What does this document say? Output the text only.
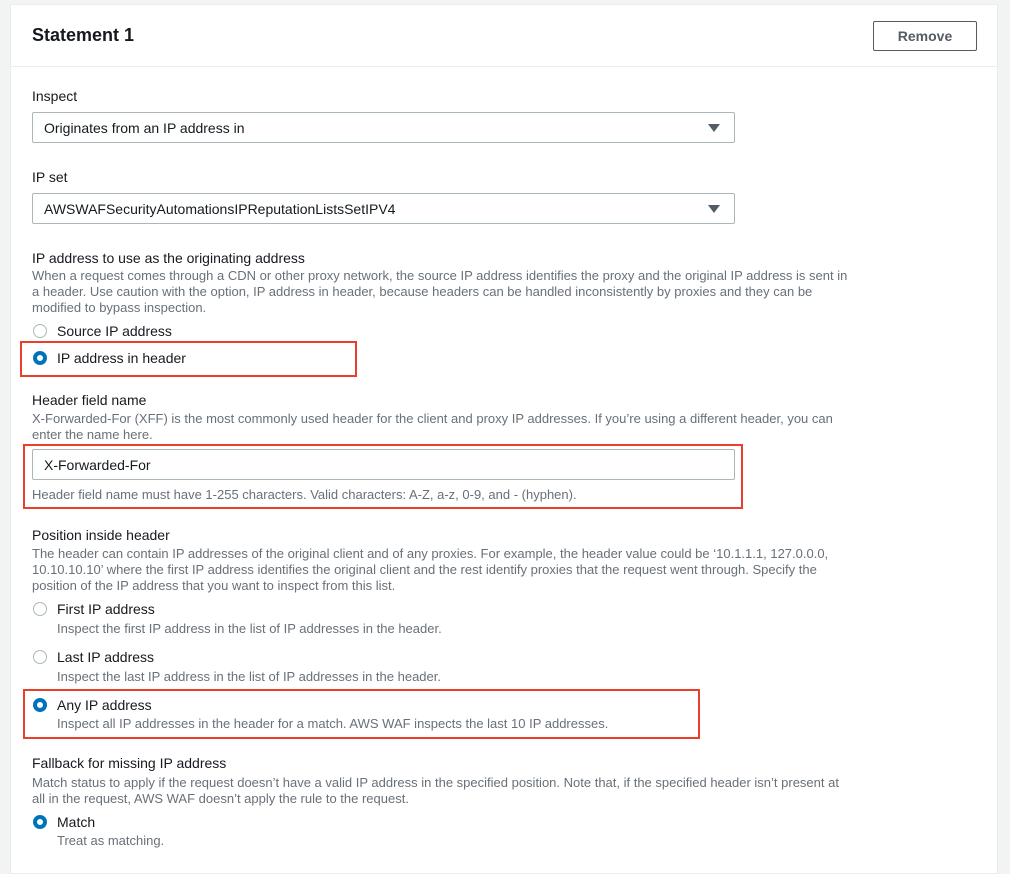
Statement 1	Remove
Inspect
Originates from an IP address in
IP set
AWSWAFSecurityAutomationsIPReputationListsSetIPV4
IP address to use as the originating address
When a request comes through a CDN or other proxy network, the source IP address identifies the proxy and the original IP address is sent in
a header. Use caution with the option, IP address in header, because headers can be handled inconsistently by proxies and they can be
modified to bypass inspection.
Source IP address
IP address in header
Header field name
X-Forwarded-For (XFF) is the most commonly used header for the client and proxy IP addresses. If you’re using a different header, you can
enter the name here.
X-Forwarded-For
Header field name must have 1-255 characters. Valid characters: A-Z, a-z, 0-9, and - (hyphen).
Position inside header
The header can contain IP addresses of the original client and of any proxies. For example, the header value could be ‘10.1.1.1, 127.0.0.0,
10.10.10.10’ where the first IP address identifies the original client and the rest identify proxies that the request went through. Specify the
position of the IP address that you want to inspect from this list.
First IP address
Inspect the first IP address in the list of IP addresses in the header.
Last IP address
Inspect the last IP address in the list of IP addresses in the header.
Any IP address
Inspect all IP addresses in the header for a match. AWS WAF inspects the last 10 IP addresses.
Fallback for missing IP address
Match status to apply if the request doesn’t have a valid IP address in the specified position. Note that, if the specified header isn’t present at
all in the request, AWS WAF doesn’t apply the rule to the request.
Match
Treat as matching.
